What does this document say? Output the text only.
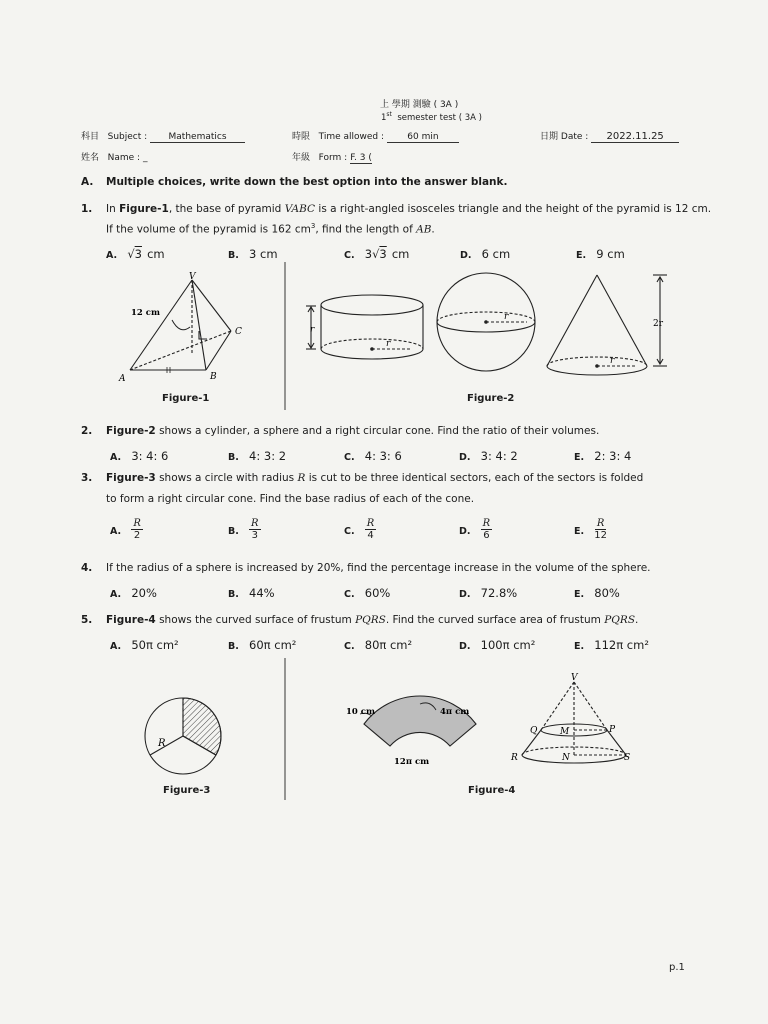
上 學期 測驗 ( 3A )
1st semester test ( 3A )
科目 Subject : Mathematics	時限 Time allowed :	60 min	日期 Date : 2022.11.25
姓名 Name : _	年級 Form : F. 3 (
A. Multiple choices, write down the best option into the answer blank.
1. In Figure-1, the base of pyramid VABC is a right-angled isosceles triangle and the height of the pyramid is 12 cm.
If the volume of the pyramid is 162 $cm^3$, find the length of AB.
A. √3 cm	B. 3 cm	C. 3√3 cm	D. 6 cm	E. 9 cm
V
A	B
C
12 cm
r
r
r
r
2r
Figure-1	Figure-2
2. Figure-2 shows a cylinder, a sphere and a right circular cone. Find the ratio of their volumes.
A. 3: 4: 6	B. 4: 3: 2	C. 4: 3: 6	D. 3: 4: 2	E. 2: 3: 4
3. Figure-3 shows a circle with radius R is cut to be three identical sectors, each of the sectors is folded
to form a right circular cone. Find the base radius of each of the cone.
A. $\frac{R}{2}$	B. $\frac{R}{3}$	C. $\frac{R}{4}$	D. $\frac{R}{6}$	E. $\frac{R}{12}$
4. If the radius of a sphere is increased by 20%, find the percentage increase in the volume of the sphere.
A. 20%	B. 44%	C. 60%	D. 72.8%	E. 80%
5. Figure-4 shows the curved surface of frustum PQRS. Find the curved surface area of frustum PQRS.
A. 50π cm²	B. 60π cm²	C. 80π cm²	D. 100π cm²	E. 112π cm²
R
10 cm	4π cm
12π cm
V
Q	M	P
R	N	S
Figure-3	Figure-4
p.1
